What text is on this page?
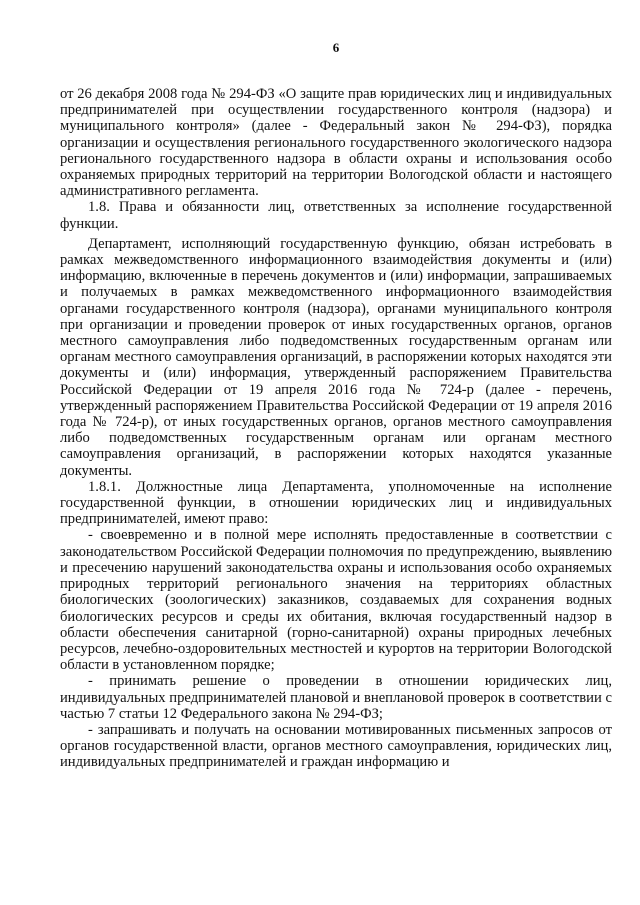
6

от 26 декабря 2008 года № 294-ФЗ «О защите прав юридических лиц и индивидуальных предпринимателей при осуществлении государственного контроля (надзора) и муниципального контроля» (далее - Федеральный закон № 294-ФЗ), порядка организации и осуществления регионального государственного экологического надзора регионального государственного надзора в области охраны и использования особо охраняемых природных территорий на территории Вологодской области и настоящего административного регламента.

1.8. Права и обязанности лиц, ответственных за исполнение государственной функции.

Департамент, исполняющий государственную функцию, обязан истребовать в рамках межведомственного информационного взаимодействия документы и (или) информацию, включенные в перечень документов и (или) информации, запрашиваемых и получаемых в рамках межведомственного информационного взаимодействия органами государственного контроля (надзора), органами муниципального контроля при организации и проведении проверок от иных государственных органов, органов местного самоуправления либо подведомственных государственным органам или органам местного самоуправления организаций, в распоряжении которых находятся эти документы и (или) информация, утвержденный распоряжением Правительства Российской Федерации от 19 апреля 2016 года № 724-р (далее - перечень, утвержденный распоряжением Правительства Российской Федерации от 19 апреля 2016 года № 724-р), от иных государственных органов, органов местного самоуправления либо подведомственных государственным органам или органам местного самоуправления организаций, в распоряжении которых находятся указанные документы.

1.8.1. Должностные лица Департамента, уполномоченные на исполнение государственной функции, в отношении юридических лиц и индивидуальных предпринимателей, имеют право:

- своевременно и в полной мере исполнять предоставленные в соответствии с законодательством Российской Федерации полномочия по предупреждению, выявлению и пресечению нарушений законодательства охраны и использования особо охраняемых природных территорий регионального значения на территориях областных биологических (зоологических) заказников, создаваемых для сохранения водных биологических ресурсов и среды их обитания, включая государственный надзор в области обеспечения санитарной (горно-санитарной) охраны природных лечебных ресурсов, лечебно-оздоровительных местностей и курортов на территории Вологодской области в установленном порядке;

- принимать решение о проведении в отношении юридических лиц, индивидуальных предпринимателей плановой и внеплановой проверок в соответствии с частью 7 статьи 12 Федерального закона № 294-ФЗ;

- запрашивать и получать на основании мотивированных письменных запросов от органов государственной власти, органов местного самоуправления, юридических лиц, индивидуальных предпринимателей и граждан информацию и
